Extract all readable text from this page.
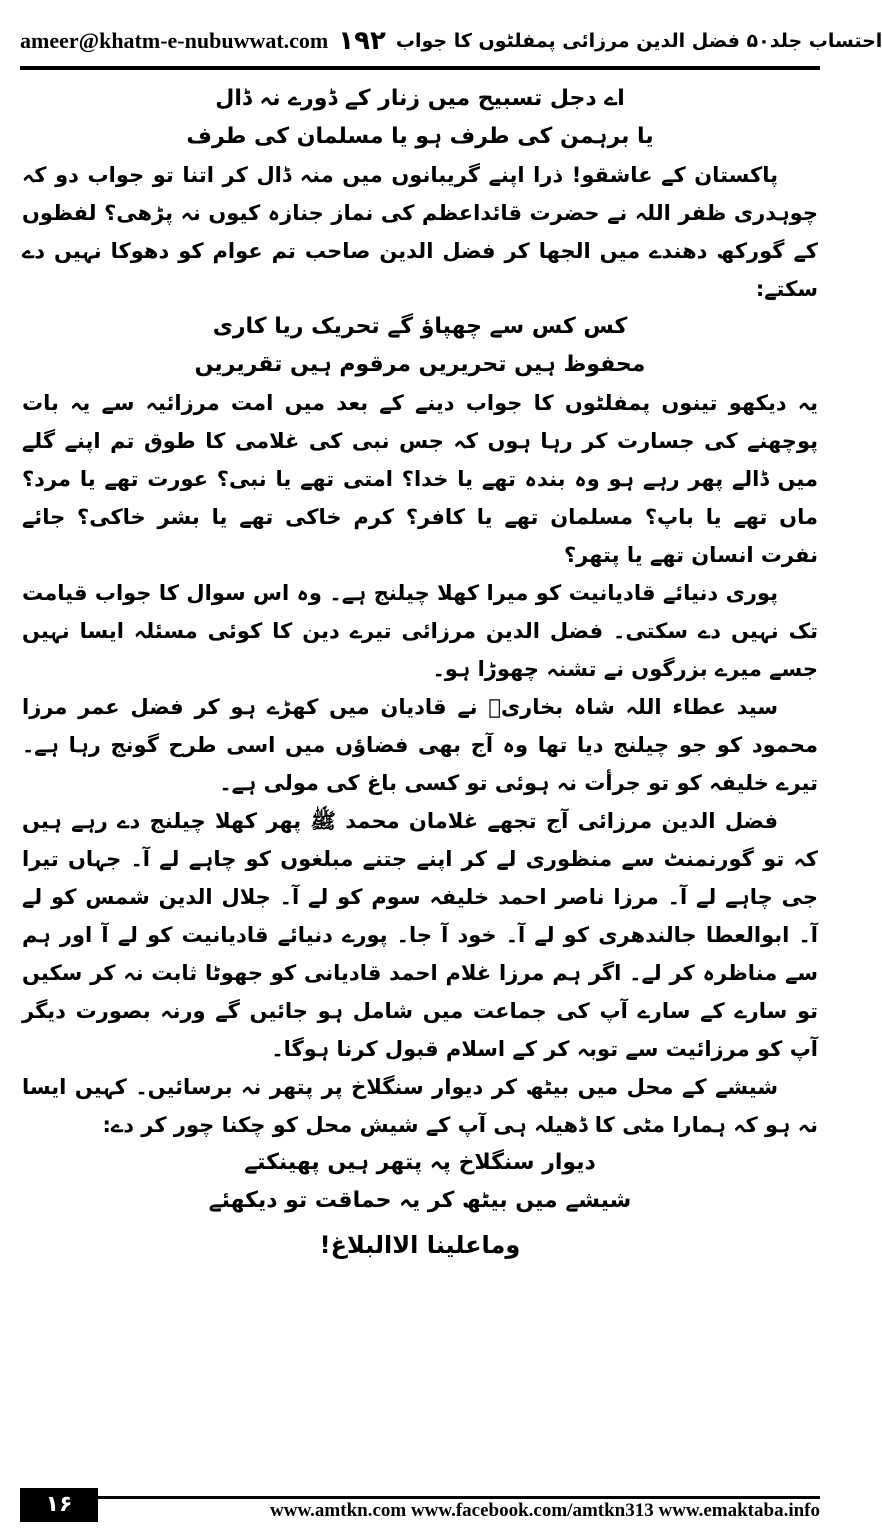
ameer@khatm-e-nubuwwat.com ۱۹۲ احتساب جلد۵۰ فضل الدین مرزائی پمفلٹوں کا جواب

اے دجل تسبیح میں زنار کے ڈورے نہ ڈال

یا برہمن کی طرف ہو یا مسلمان کی طرف

پاکستان کے عاشقو! ذرا اپنے گریبانوں میں منہ ڈال کر اتنا تو جواب دو کہ چوہدری ظفر اللہ نے حضرت قائداعظم کی نماز جنازہ کیوں نہ پڑھی؟ لفظوں کے گورکھ دھندے میں الجھا کر فضل الدین صاحب تم عوام کو دھوکا نہیں دے سکتے:

کس کس سے چھپاؤ گے تحریک ریا کاری

محفوظ ہیں تحریریں مرقوم ہیں تقریریں

یہ دیکھو تینوں پمفلٹوں کا جواب دینے کے بعد میں امت مرزائیہ سے یہ بات پوچھنے کی جسارت کر رہا ہوں کہ جس نبی کی غلامی کا طوق تم اپنے گلے میں ڈالے پھر رہے ہو وہ بندہ تھے یا خدا؟ امتی تھے یا نبی؟ عورت تھے یا مرد؟ ماں تھے یا باپ؟ مسلمان تھے یا کافر؟ کرم خاکی تھے یا بشر خاکی؟ جائے نفرت انسان تھے یا پتھر؟

پوری دنیائے قادیانیت کو میرا کھلا چیلنج ہے۔ وہ اس سوال کا جواب قیامت تک نہیں دے سکتی۔ فضل الدین مرزائی تیرے دین کا کوئی مسئلہ ایسا نہیں جسے میرے بزرگوں نے تشنہ چھوڑا ہو۔

سید عطاء اللہ شاہ بخاریؒ نے قادیان میں کھڑے ہو کر فضل عمر مرزا محمود کو جو چیلنج دیا تھا وہ آج بھی فضاؤں میں اسی طرح گونج رہا ہے۔ تیرے خلیفہ کو تو جرأت نہ ہوئی تو کسی باغ کی مولی ہے۔

فضل الدین مرزائی آج تجھے غلامان محمد ﷺ پھر کھلا چیلنج دے رہے ہیں کہ تو گورنمنٹ سے منظوری لے کر اپنے جتنے مبلغوں کو چاہے لے آ۔ جہاں تیرا جی چاہے لے آ۔ مرزا ناصر احمد خلیفہ سوم کو لے آ۔ جلال الدین شمس کو لے آ۔ ابوالعطا جالندھری کو لے آ۔ خود آ جا۔ پورے دنیائے قادیانیت کو لے آ اور ہم سے مناظرہ کر لے۔ اگر ہم مرزا غلام احمد قادیانی کو جھوٹا ثابت نہ کر سکیں تو سارے کے سارے آپ کی جماعت میں شامل ہو جائیں گے ورنہ بصورت دیگر آپ کو مرزائیت سے توبہ کر کے اسلام قبول کرنا ہوگا۔

شیشے کے محل میں بیٹھ کر دیوار سنگلاخ پر پتھر نہ برسائیں۔ کہیں ایسا نہ ہو کہ ہمارا مٹی کا ڈھیلہ ہی آپ کے شیش محل کو چکنا چور کر دے:

دیوار سنگلاخ پہ پتھر ہیں پھینکتے

شیشے میں بیٹھ کر یہ حماقت تو دیکھئے

وماعلینا الاالبلاغ!

۱۶	www.amtkn.com www.facebook.com/amtkn313 www.emaktaba.info
